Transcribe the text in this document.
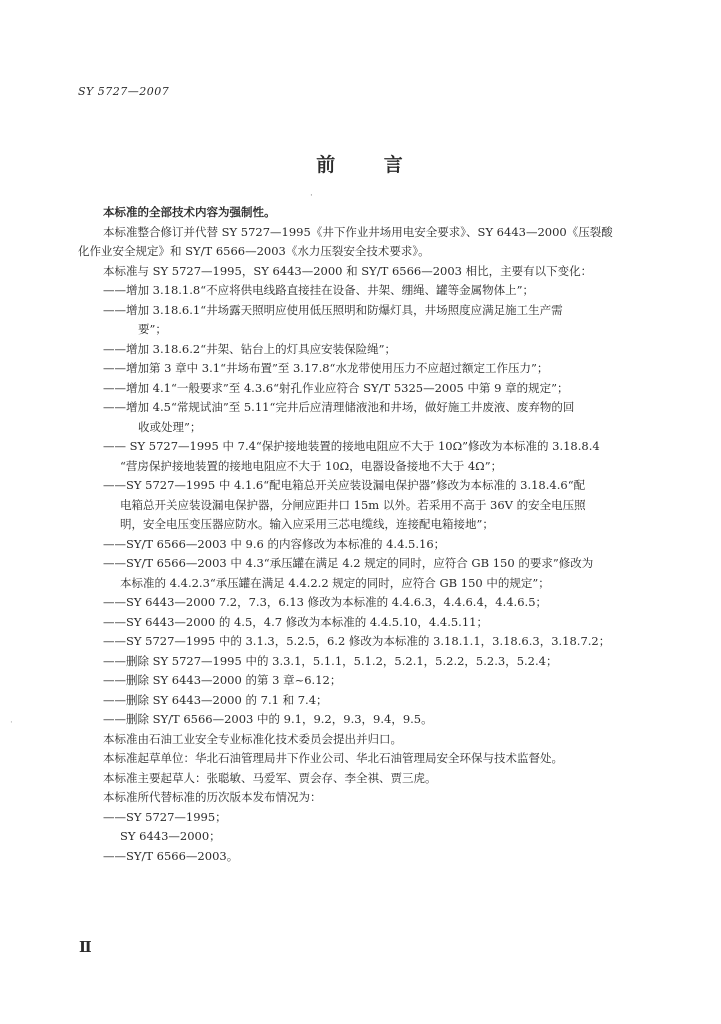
SY 5727—2007
前 言
·
本标准的全部技术内容为强制性。
本标准整合修订并代替 SY 5727—1995《井下作业井场用电安全要求》、SY 6443—2000《压裂酸
化作业安全规定》和 SY/T 6566—2003《水力压裂安全技术要求》。
本标准与 SY 5727—1995，SY 6443—2000 和 SY/T 6566—2003 相比，主要有以下变化：
——增加 3.18.1.8“不应将供电线路直接挂在设备、井架、绷绳、罐等金属物体上”；
——增加 3.18.6.1“井场露天照明应使用低压照明和防爆灯具，井场照度应满足施工生产需
要”；
——增加 3.18.6.2“井架、钻台上的灯具应安装保险绳”；
——增加第 3 章中 3.1“井场布置”至 3.17.8“水龙带使用压力不应超过额定工作压力”；
——增加 4.1“一般要求”至 4.3.6“射孔作业应符合 SY/T 5325—2005 中第 9 章的规定”；
——增加 4.5“常规试油”至 5.11“完井后应清理储液池和井场，做好施工井废液、废弃物的回
收或处理”；
—— SY 5727—1995 中 7.4“保护接地装置的接地电阻应不大于 10Ω”修改为本标准的 3.18.8.4
“营房保护接地装置的接地电阻应不大于 10Ω，电器设备接地不大于 4Ω”；
——SY 5727—1995 中 4.1.6“配电箱总开关应装设漏电保护器”修改为本标准的 3.18.4.6“配
电箱总开关应装设漏电保护器，分闸应距井口 15m 以外。若采用不高于 36V 的安全电压照
明，安全电压变压器应防水。输入应采用三芯电缆线，连接配电箱接地”；
——SY/T 6566—2003 中 9.6 的内容修改为本标准的 4.4.5.16；
——SY/T 6566—2003 中 4.3“承压罐在满足 4.2 规定的同时，应符合 GB 150 的要求”修改为
本标准的 4.4.2.3“承压罐在满足 4.4.2.2 规定的同时，应符合 GB 150 中的规定”；
——SY 6443—2000 7.2，7.3，6.13 修改为本标准的 4.4.6.3，4.4.6.4，4.4.6.5；
——SY 6443—2000 的 4.5，4.7 修改为本标准的 4.4.5.10，4.4.5.11；
——SY 5727—1995 中的 3.1.3，5.2.5，6.2 修改为本标准的 3.18.1.1，3.18.6.3，3.18.7.2；
——删除 SY 5727—1995 中的 3.3.1，5.1.1，5.1.2，5.2.1，5.2.2，5.2.3，5.2.4；
——删除 SY 6443—2000 的第 3 章~6.12；
——删除 SY 6443—2000 的 7.1 和 7.4；
——删除 SY/T 6566—2003 中的 9.1，9.2，9.3，9.4，9.5。
本标准由石油工业安全专业标准化技术委员会提出并归口。
本标准起草单位：华北石油管理局井下作业公司、华北石油管理局安全环保与技术监督处。
本标准主要起草人：张聪敏、马爱军、贾会存、李全祺、贾三虎。
本标准所代替标准的历次版本发布情况为：
——SY 5727—1995；
SY 6443—2000；
——SY/T 6566—2003。
·
Ⅱ
